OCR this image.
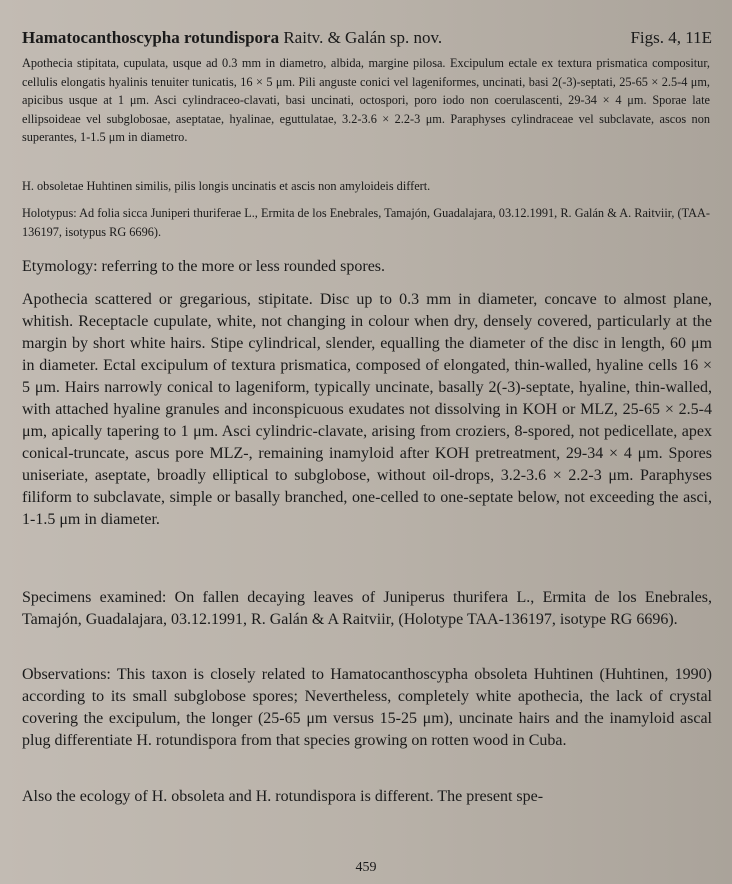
Hamatocanthoscypha rotundispora Raitv. & Galán sp. nov.	Figs. 4, 11E

Apothecia stipitata, cupulata, usque ad 0.3 mm in diametro, albida, margine pilosa. Excipulum ectale ex textura prismatica compositur, cellulis elongatis hyalinis tenuiter tunicatis, 16 × 5 μm. Pili anguste conici vel lageniformes, uncinati, basi 2(-3)-septati, 25-65 × 2.5-4 μm, apicibus usque at 1 μm. Asci cylindraceo-clavati, basi uncinati, octospori, poro iodo non coerulascenti, 29-34 × 4 μm. Sporae late ellipsoideae vel subglobosae, aseptatae, hyalinae, eguttulatae, 3.2-3.6 × 2.2-3 μm. Paraphyses cylindraceae vel subclavate, ascos non superantes, 1-1.5 μm in diametro.

H. obsoletae Huhtinen similis, pilis longis uncinatis et ascis non amyloideis differt.

Holotypus: Ad folia sicca Juniperi thuriferae L., Ermita de los Enebrales, Tamajón, Guadalajara, 03.12.1991, R. Galán & A. Raitviir, (TAA-136197, isotypus RG 6696).

Etymology: referring to the more or less rounded spores.

Apothecia scattered or gregarious, stipitate. Disc up to 0.3 mm in diameter, concave to almost plane, whitish. Receptacle cupulate, white, not changing in colour when dry, densely covered, particularly at the margin by short white hairs. Stipe cylindrical, slender, equalling the diameter of the disc in length, 60 μm in diameter. Ectal excipulum of textura prismatica, composed of elongated, thin-walled, hyaline cells 16 × 5 μm. Hairs narrowly conical to lageniform, typically uncinate, basally 2(-3)-septate, hyaline, thin-walled, with attached hyaline granules and inconspicuous exudates not dissolving in KOH or MLZ, 25-65 × 2.5-4 μm, apically tapering to 1 μm. Asci cylindric-clavate, arising from croziers, 8-spored, not pedicellate, apex conical-truncate, ascus pore MLZ-, remaining inamyloid after KOH pretreatment, 29-34 × 4 μm. Spores uniseriate, aseptate, broadly elliptical to subglobose, without oil-drops, 3.2-3.6 × 2.2-3 μm. Paraphyses filiform to subclavate, simple or basally branched, one-celled to one-septate below, not exceeding the asci, 1-1.5 μm in diameter.

Specimens examined: On fallen decaying leaves of Juniperus thurifera L., Ermita de los Enebrales, Tamajón, Guadalajara, 03.12.1991, R. Galán & A Raitviir, (Holotype TAA-136197, isotype RG 6696).

Observations: This taxon is closely related to Hamatocanthoscypha obsoleta Huhtinen (Huhtinen, 1990) according to its small subglobose spores; Nevertheless, completely white apothecia, the lack of crystal covering the excipulum, the longer (25-65 μm versus 15-25 μm), uncinate hairs and the inamyloid ascal plug differentiate H. rotundispora from that species growing on rotten wood in Cuba.

Also the ecology of H. obsoleta and H. rotundispora is different. The present spe-

459
